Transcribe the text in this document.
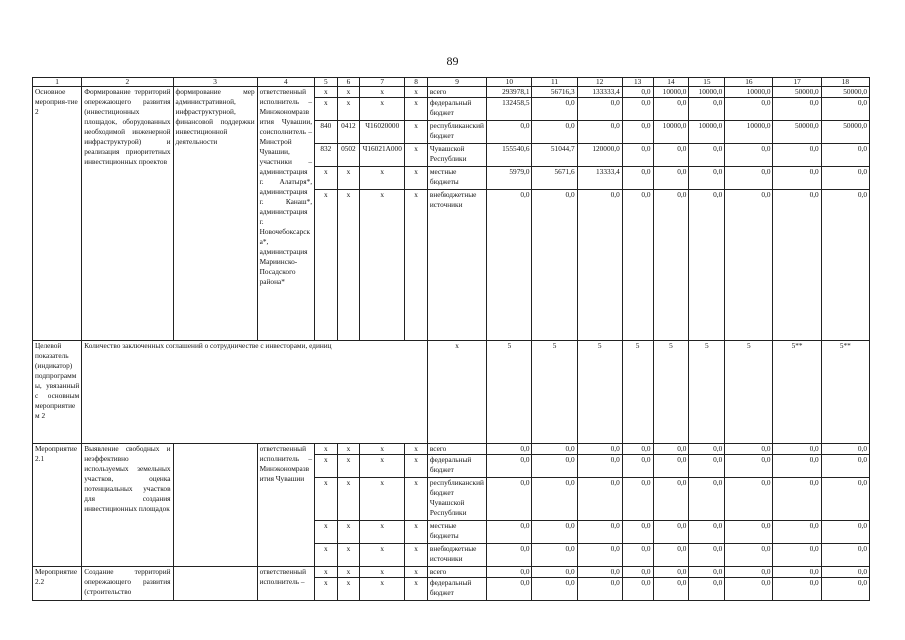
89
1	2	3	4	5	6	7	8	9	10	11	12	13	14	15	16	17	18
Основное мероприя-тие 2	Формирование территорий опережающего развития (инвестиционных площадок, оборудованных необходимой инженерной инфраструктурой) и реализация приоритетных инвестиционных проектов	формирование мер административной, инфраструктурной, финансовой поддержки инвестиционной деятельности	ответственный исполнитель – Минэкономразвития Чувашии, соисполнитель – Минстрой Чувашии, участники – администрация г. Алатыря*, администрация г. Канаш*, администрация г. Новочебоксарска*, администрация Мариинско-Посадского района*	x	x	x	x	всего	293978,1	56716,3	133333,4	0,0	10000,0	10000,0	10000,0	50000,0	50000,0
				x	x	x	x	федеральный бюджет	132458,5	0,0	0,0	0,0	0,0	0,0	0,0	0,0	0,0
				840	0412	Ч16020000	x	республиканский бюджет	0,0	0,0	0,0	0,0	10000,0	10000,0	10000,0	50000,0	50000,0
				832	0502	Ч16021A000	x	Чувашской Республики	155540,6	51044,7	120000,0	0,0	0,0	0,0	0,0	0,0	0,0
				x	x	x	x	местные бюджеты	5979,0	5671,6	13333,4	0,0	0,0	0,0	0,0	0,0	0,0
				x	x	x	x	внебюджетные источники	0,0	0,0	0,0	0,0	0,0	0,0	0,0	0,0	0,0
Целевой показатель (индикатор) подпрограммы, увязанный с основным мероприятием 2	Количество заключенных соглашений о сотрудничестве с инвесторами, единиц							x	5	5	5	5	5	5	5	5**	5**
Мероприятие 2.1	Выявление свободных и неэффективно используемых земельных участков, оценка потенциальных участков для создания инвестиционных площадок		ответственный исполнитель – Минэкономразвития Чувашии	x	x	x	x	всего	0,0	0,0	0,0	0,0	0,0	0,0	0,0	0,0	0,0
				x	x	x	x	федеральный бюджет	0,0	0,0	0,0	0,0	0,0	0,0	0,0	0,0	0,0
				x	x	x	x	республиканский бюджет Чувашской Республики	0,0	0,0	0,0	0,0	0,0	0,0	0,0	0,0	0,0
				x	x	x	x	местные бюджеты	0,0	0,0	0,0	0,0	0,0	0,0	0,0	0,0	0,0
				x	x	x	x	внебюджетные источники	0,0	0,0	0,0	0,0	0,0	0,0	0,0	0,0	0,0
Мероприятие 2.2	Создание территорий опережающего развития (строительство		ответственный исполнитель –	x	x	x	x	всего	0,0	0,0	0,0	0,0	0,0	0,0	0,0	0,0	0,0
				x	x	x	x	федеральный бюджет	0,0	0,0	0,0	0,0	0,0	0,0	0,0	0,0	0,0
